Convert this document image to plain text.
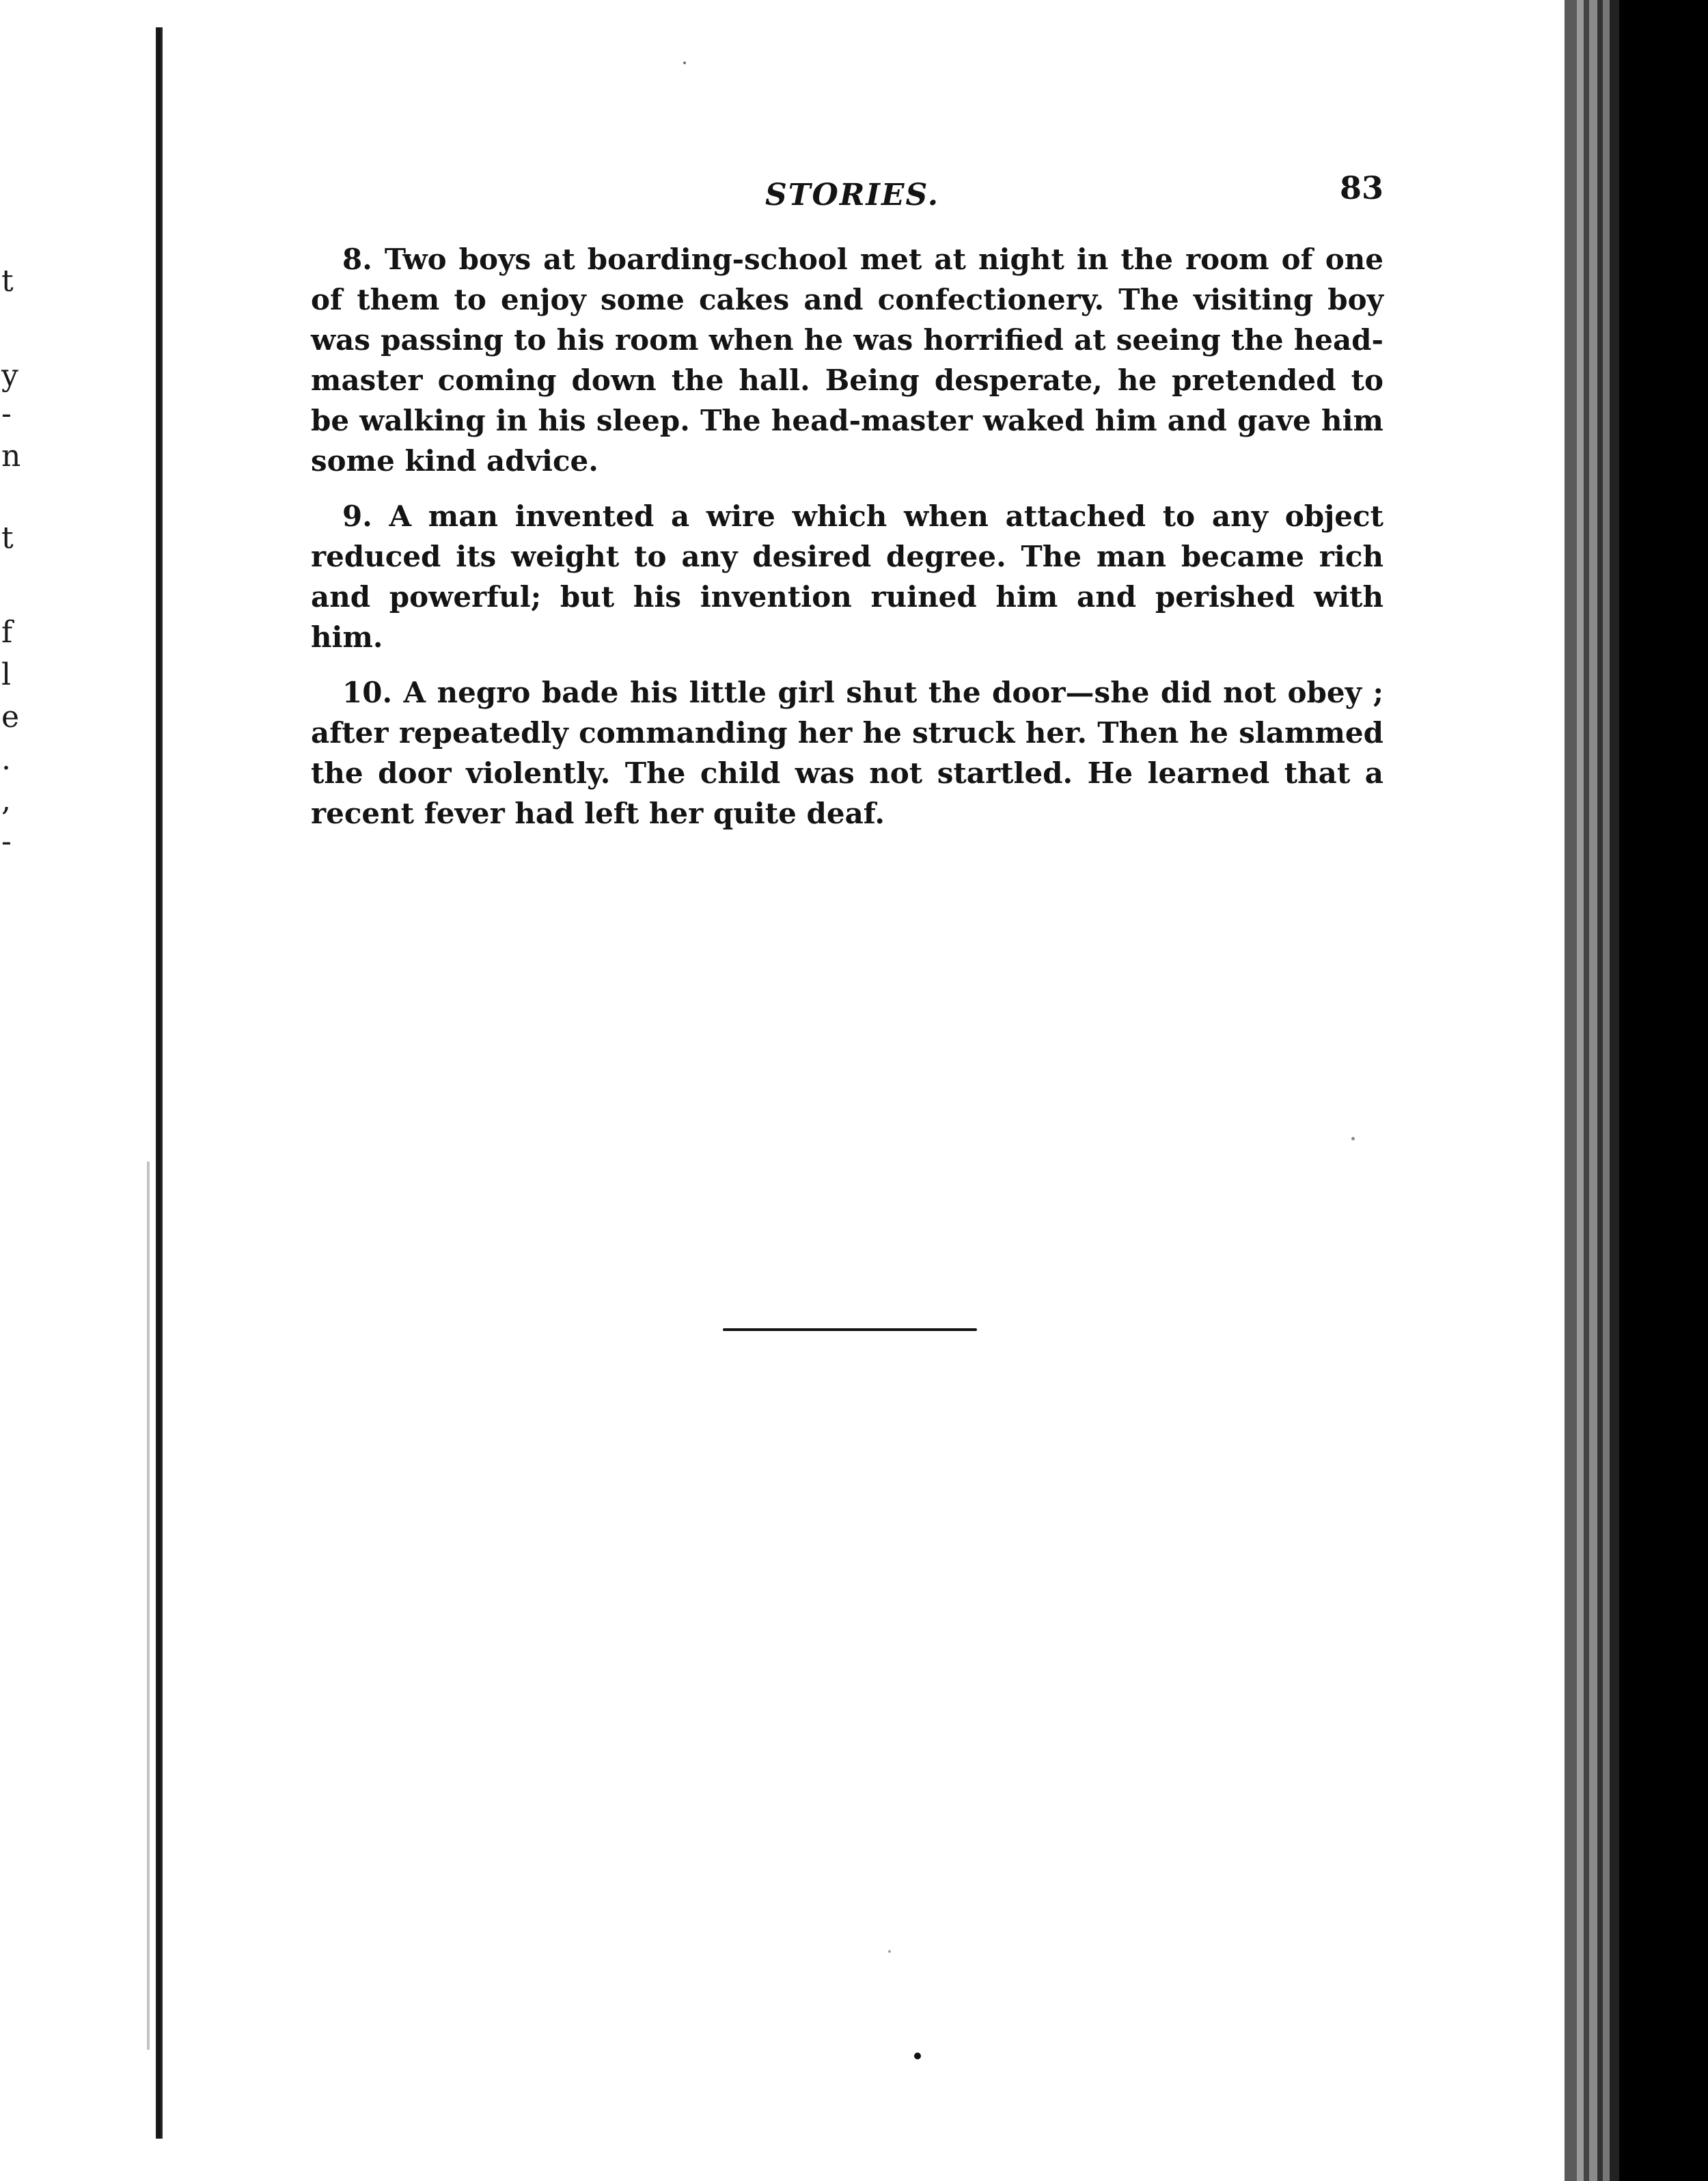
t
y
-
n
t
f
l
e
.
,
-
STORIES.	83

8. Two boys at boarding-school met at night in the room of one of them to enjoy some cakes and confectionery. The visiting boy was passing to his room when he was horrified at seeing the head-master coming down the hall. Being desperate, he pretended to be walking in his sleep. The head-master waked him and gave him some kind advice.

9. A man invented a wire which when attached to any object reduced its weight to any desired degree. The man became rich and powerful; but his invention ruined him and perished with him.

10. A negro bade his little girl shut the door—she did not obey ; after repeatedly commanding her he struck her. Then he slammed the door violently. The child was not startled. He learned that a recent fever had left her quite deaf.
